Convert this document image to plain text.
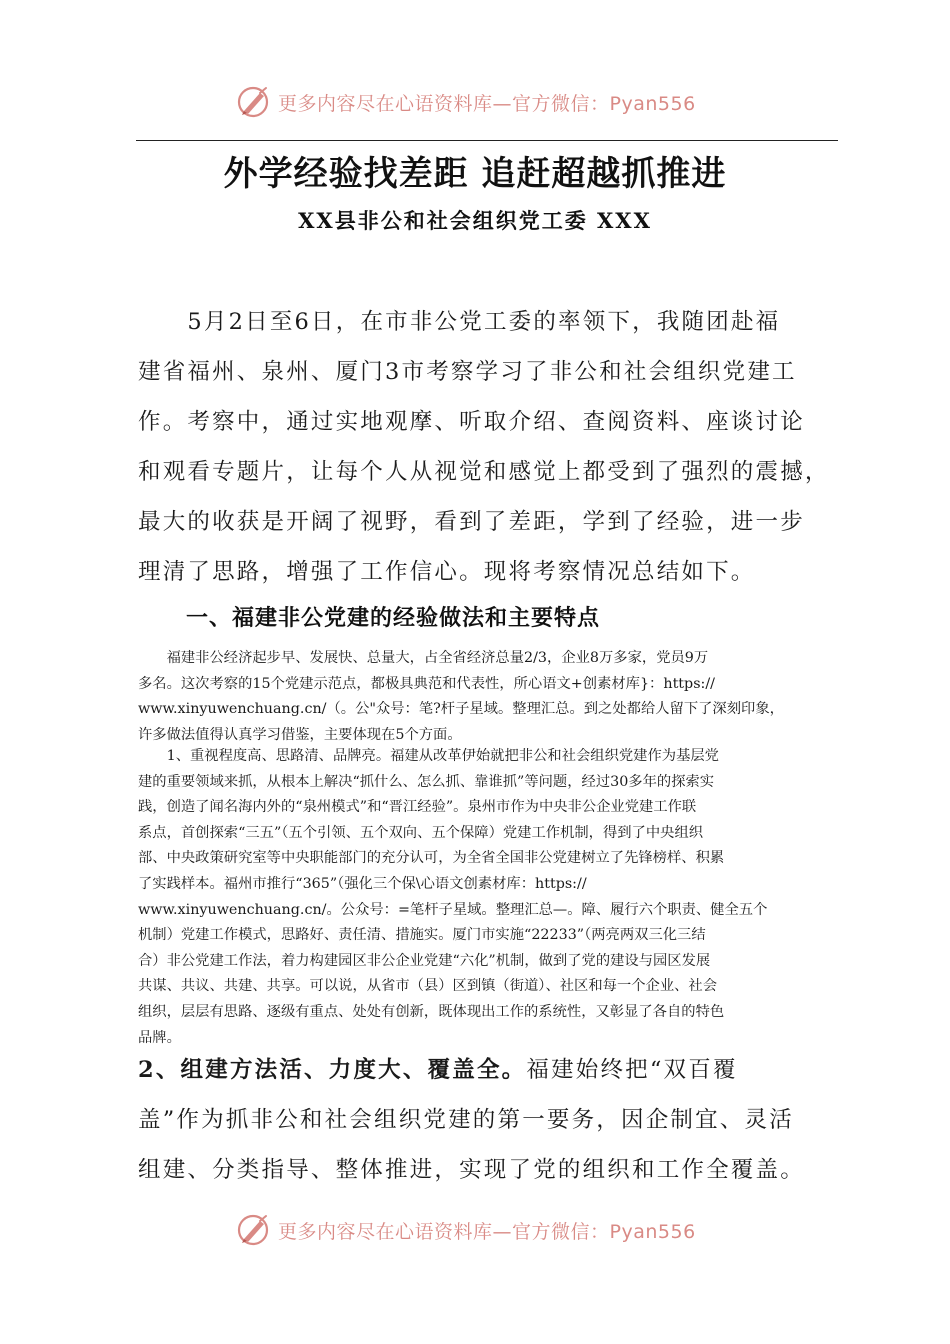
更多内容尽在心语资料库—官方微信：Pyan556
外学经验找差距 追赶超越抓推进
XX县非公和社会组织党工委 XXX
　　5月2日至6日，在市非公党工委的率领下，我随团赴福
建省福州、泉州、厦门3市考察学习了非公和社会组织党建工
作。考察中，通过实地观摩、听取介绍、查阅资料、座谈讨论
和观看专题片，让每个人从视觉和感觉上都受到了强烈的震撼，
最大的收获是开阔了视野，看到了差距，学到了经验，进一步
理清了思路，增强了工作信心。现将考察情况总结如下。
一、福建非公党建的经验做法和主要特点
　　福建非公经济起步早、发展快、总量大，占全省经济总量2/3，企业8万多家，党员9万
多名。这次考察的15个党建示范点，都极具典范和代表性，所心语文+创素材库}：https://
www.xinyuwenchuang.cn/（。公"众号：笔?杆子星域。整理汇总。到之处都给人留下了深刻印象，
许多做法值得认真学习借鉴，主要体现在5个方面。
　　1、重视程度高、思路清、品牌亮。福建从改革伊始就把非公和社会组织党建作为基层党
建的重要领域来抓，从根本上解决“抓什么、怎么抓、靠谁抓”等问题，经过30多年的探索实
践，创造了闻名海内外的“泉州模式”和“晋江经验”。泉州市作为中央非公企业党建工作联
系点，首创探索“三五”（五个引领、五个双向、五个保障）党建工作机制，得到了中央组织
部、中央政策研究室等中央职能部门的充分认可，为全省全国非公党建树立了先锋榜样、积累
了实践样本。福州市推行“365”（强化三个保\心语文创素材库：https://
www.xinyuwenchuang.cn/。公众号：=笔杆子星域。整理汇总—。障、履行六个职责、健全五个
机制）党建工作模式，思路好、责任清、措施实。厦门市实施“22233”（两亮两双三化三结
合）非公党建工作法，着力构建园区非公企业党建“六化”机制，做到了党的建设与园区发展
共谋、共议、共建、共享。可以说，从省市（县）区到镇（街道）、社区和每一个企业、社会
组织，层层有思路、逐级有重点、处处有创新，既体现出工作的系统性，又彰显了各自的特色
品牌。
2、组建方法活、力度大、覆盖全。福建始终把“双百覆
盖”作为抓非公和社会组织党建的第一要务，因企制宜、灵活
组建、分类指导、整体推进，实现了党的组织和工作全覆盖。
更多内容尽在心语资料库—官方微信：Pyan556
